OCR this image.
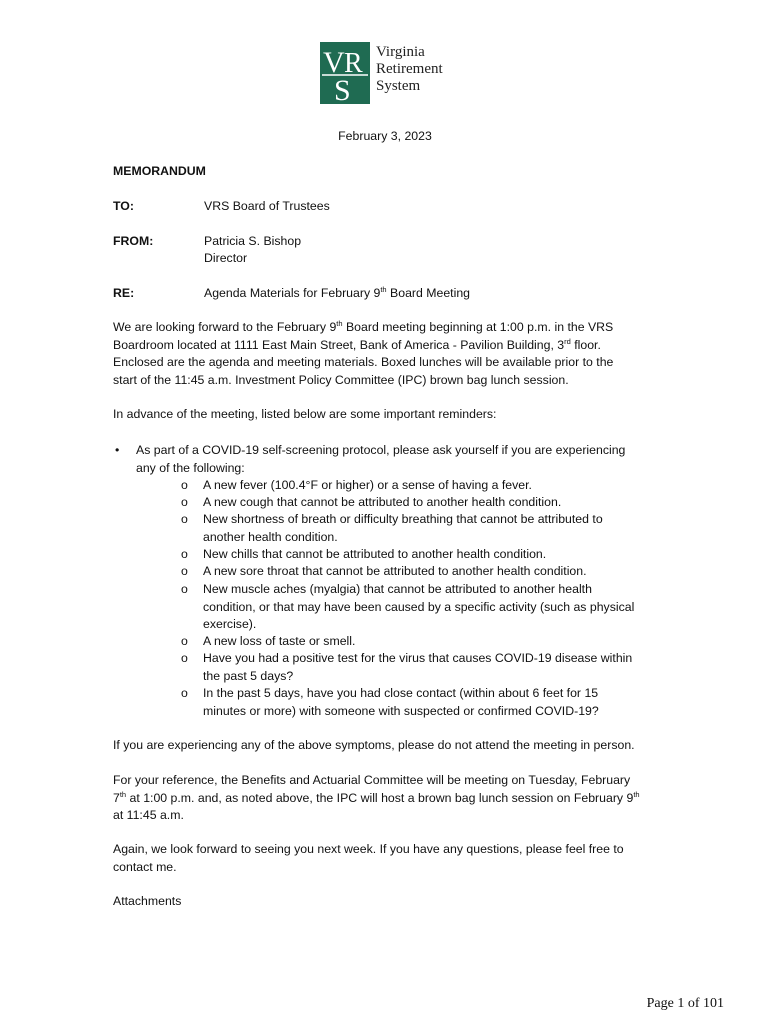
V R
S
Virginia
Retirement
System
February 3, 2023
MEMORANDUM
TO:	VRS Board of Trustees
FROM:	Patricia S. Bishop
Director
RE:	Agenda Materials for February 9th Board Meeting
We are looking forward to the February 9th Board meeting beginning at 1:00 p.m. in the VRS
Boardroom located at 1111 East Main Street, Bank of America - Pavilion Building, 3rd floor.
Enclosed are the agenda and meeting materials. Boxed lunches will be available prior to the
start of the 11:45 a.m. Investment Policy Committee (IPC) brown bag lunch session.
In advance of the meeting, listed below are some important reminders:
• As part of a COVID-19 self-screening protocol, please ask yourself if you are experiencing
any of the following:
o A new fever (100.4°F or higher) or a sense of having a fever.
o A new cough that cannot be attributed to another health condition.
o New shortness of breath or difficulty breathing that cannot be attributed to
another health condition.
o New chills that cannot be attributed to another health condition.
o A new sore throat that cannot be attributed to another health condition.
o New muscle aches (myalgia) that cannot be attributed to another health
condition, or that may have been caused by a specific activity (such as physical
exercise).
o A new loss of taste or smell.
o Have you had a positive test for the virus that causes COVID-19 disease within
the past 5 days?
o In the past 5 days, have you had close contact (within about 6 feet for 15
minutes or more) with someone with suspected or confirmed COVID-19?
If you are experiencing any of the above symptoms, please do not attend the meeting in person.
For your reference, the Benefits and Actuarial Committee will be meeting on Tuesday, February
7th at 1:00 p.m. and, as noted above, the IPC will host a brown bag lunch session on February 9th
at 11:45 a.m.
Again, we look forward to seeing you next week. If you have any questions, please feel free to
contact me.
Attachments
Page 1 of 101
